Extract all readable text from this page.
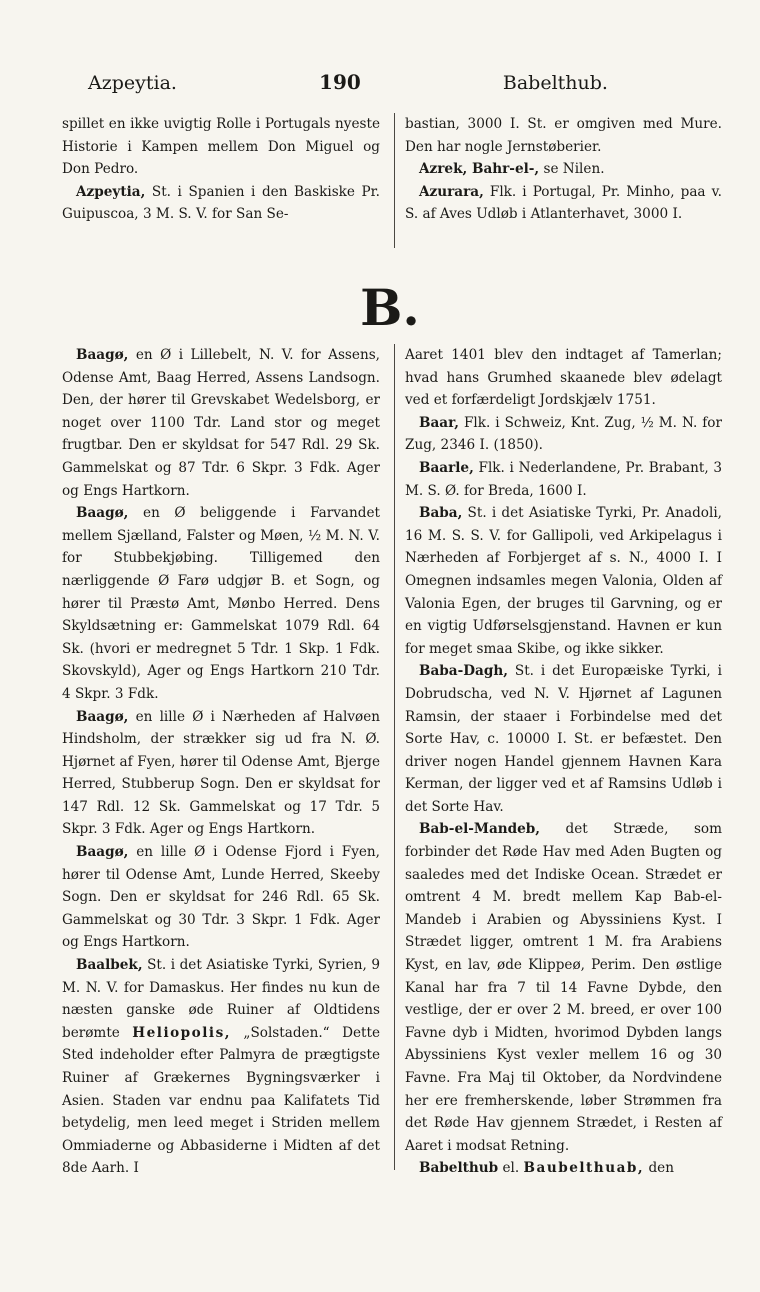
Azpeytia.	190	Babelthub.

spillet en ikke uvigtig Rolle i Portugals nyeste Historie i Kampen mellem Don Miguel og Don Pedro.

Azpeytia, St. i Spanien i den Baskiske Pr. Guipuscoa, 3 M. S. V. for San Se-

bastian, 3000 I. St. er omgiven med Mure. Den har nogle Jernstøberier.

Azrek, Bahr-el-, se Nilen.

Azurara, Flk. i Portugal, Pr. Minho, paa v. S. af Aves Udløb i Atlanterhavet, 3000 I.

B.

Baagø, en Ø i Lillebelt, N. V. for Assens, Odense Amt, Baag Herred, Assens Landsogn. Den, der hører til Grevskabet Wedelsborg, er noget over 1100 Tdr. Land stor og meget frugtbar. Den er skyldsat for 547 Rdl. 29 Sk. Gammelskat og 87 Tdr. 6 Skpr. 3 Fdk. Ager og Engs Hartkorn.

Baagø, en Ø beliggende i Farvandet mellem Sjælland, Falster og Møen, ½ M. N. V. for Stubbekjøbing. Tilligemed den nærliggende Ø Farø udgjør B. et Sogn, og hører til Præstø Amt, Mønbo Herred. Dens Skyldsætning er: Gammelskat 1079 Rdl. 64 Sk. (hvori er medregnet 5 Tdr. 1 Skp. 1 Fdk. Skovskyld), Ager og Engs Hartkorn 210 Tdr. 4 Skpr. 3 Fdk.

Baagø, en lille Ø i Nærheden af Halvøen Hindsholm, der strækker sig ud fra N. Ø. Hjørnet af Fyen, hører til Odense Amt, Bjerge Herred, Stubberup Sogn. Den er skyldsat for 147 Rdl. 12 Sk. Gammelskat og 17 Tdr. 5 Skpr. 3 Fdk. Ager og Engs Hartkorn.

Baagø, en lille Ø i Odense Fjord i Fyen, hører til Odense Amt, Lunde Herred, Skeeby Sogn. Den er skyldsat for 246 Rdl. 65 Sk. Gammelskat og 30 Tdr. 3 Skpr. 1 Fdk. Ager og Engs Hartkorn.

Baalbek, St. i det Asiatiske Tyrki, Syrien, 9 M. N. V. for Damaskus. Her findes nu kun de næsten ganske øde Ruiner af Oldtidens berømte Heliopolis, „Solstaden.“ Dette Sted indeholder efter Palmyra de prægtigste Ruiner af Grækernes Bygningsværker i Asien. Staden var endnu paa Kalifatets Tid betydelig, men leed meget i Striden mellem Ommiaderne og Abbasiderne i Midten af det 8de Aarh. I

Aaret 1401 blev den indtaget af Tamerlan; hvad hans Grumhed skaanede blev ødelagt ved et forfærdeligt Jordskjælv 1751.

Baar, Flk. i Schweiz, Knt. Zug, ½ M. N. for Zug, 2346 I. (1850).

Baarle, Flk. i Nederlandene, Pr. Brabant, 3 M. S. Ø. for Breda, 1600 I.

Baba, St. i det Asiatiske Tyrki, Pr. Anadoli, 16 M. S. S. V. for Gallipoli, ved Arkipelagus i Nærheden af Forbjerget af s. N., 4000 I. I Omegnen indsamles megen Valonia, Olden af Valonia Egen, der bruges til Garvning, og er en vigtig Udførselsgjenstand. Havnen er kun for meget smaa Skibe, og ikke sikker.

Baba-Dagh, St. i det Europæiske Tyrki, i Dobrudscha, ved N. V. Hjørnet af Lagunen Ramsin, der staaer i Forbindelse med det Sorte Hav, c. 10000 I. St. er befæstet. Den driver nogen Handel gjennem Havnen Kara Kerman, der ligger ved et af Ramsins Udløb i det Sorte Hav.

Bab-el-Mandeb, det Stræde, som forbinder det Røde Hav med Aden Bugten og saaledes med det Indiske Ocean. Strædet er omtrent 4 M. bredt mellem Kap Bab-el-Mandeb i Arabien og Abyssiniens Kyst. I Strædet ligger, omtrent 1 M. fra Arabiens Kyst, en lav, øde Klippeø, Perim. Den østlige Kanal har fra 7 til 14 Favne Dybde, den vestlige, der er over 2 M. breed, er over 100 Favne dyb i Midten, hvorimod Dybden langs Abyssiniens Kyst vexler mellem 16 og 30 Favne. Fra Maj til Oktober, da Nordvindene her ere fremherskende, løber Strømmen fra det Røde Hav gjennem Strædet, i Resten af Aaret i modsat Retning.

Babelthub el. Baubelthuab, den
